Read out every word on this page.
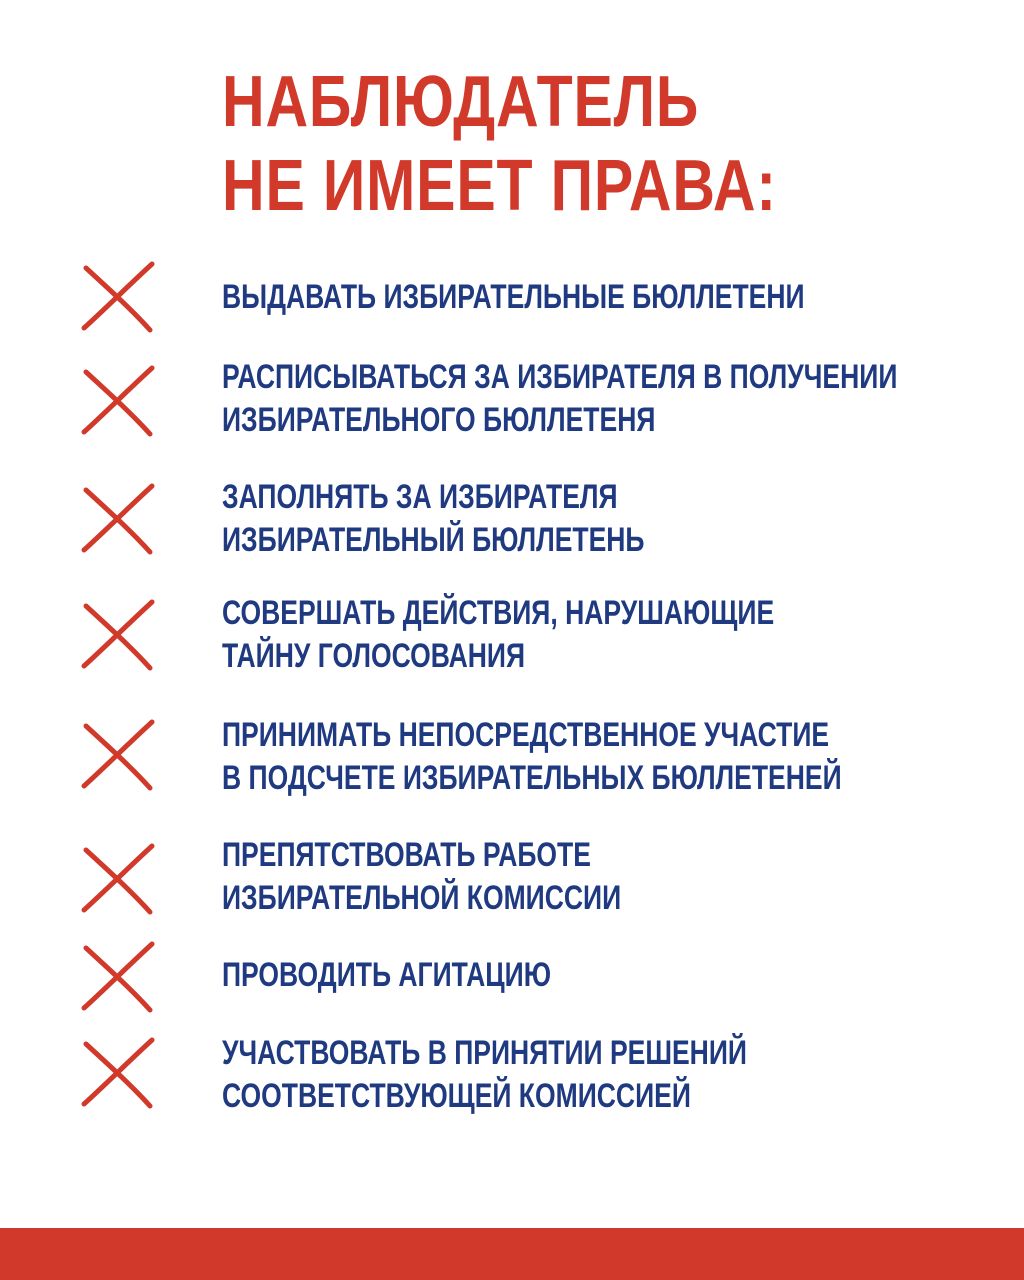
НАБЛЮДАТЕЛЬ
НЕ ИМЕЕТ ПРАВА:
ВЫДАВАТЬ ИЗБИРАТЕЛЬНЫЕ БЮЛЛЕТЕНИ
РАСПИСЫВАТЬСЯ ЗА ИЗБИРАТЕЛЯ В ПОЛУЧЕНИИ
ИЗБИРАТЕЛЬНОГО БЮЛЛЕТЕНЯ
ЗАПОЛНЯТЬ ЗА ИЗБИРАТЕЛЯ
ИЗБИРАТЕЛЬНЫЙ БЮЛЛЕТЕНЬ
СОВЕРШАТЬ ДЕЙСТВИЯ, НАРУШАЮЩИЕ
ТАЙНУ ГОЛОСОВАНИЯ
ПРИНИМАТЬ НЕПОСРЕДСТВЕННОЕ УЧАСТИЕ
В ПОДСЧЕТЕ ИЗБИРАТЕЛЬНЫХ БЮЛЛЕТЕНЕЙ
ПРЕПЯТСТВОВАТЬ РАБОТЕ
ИЗБИРАТЕЛЬНОЙ КОМИССИИ
ПРОВОДИТЬ АГИТАЦИЮ
УЧАСТВОВАТЬ В ПРИНЯТИИ РЕШЕНИЙ
СООТВЕТСТВУЮЩЕЙ КОМИССИЕЙ
